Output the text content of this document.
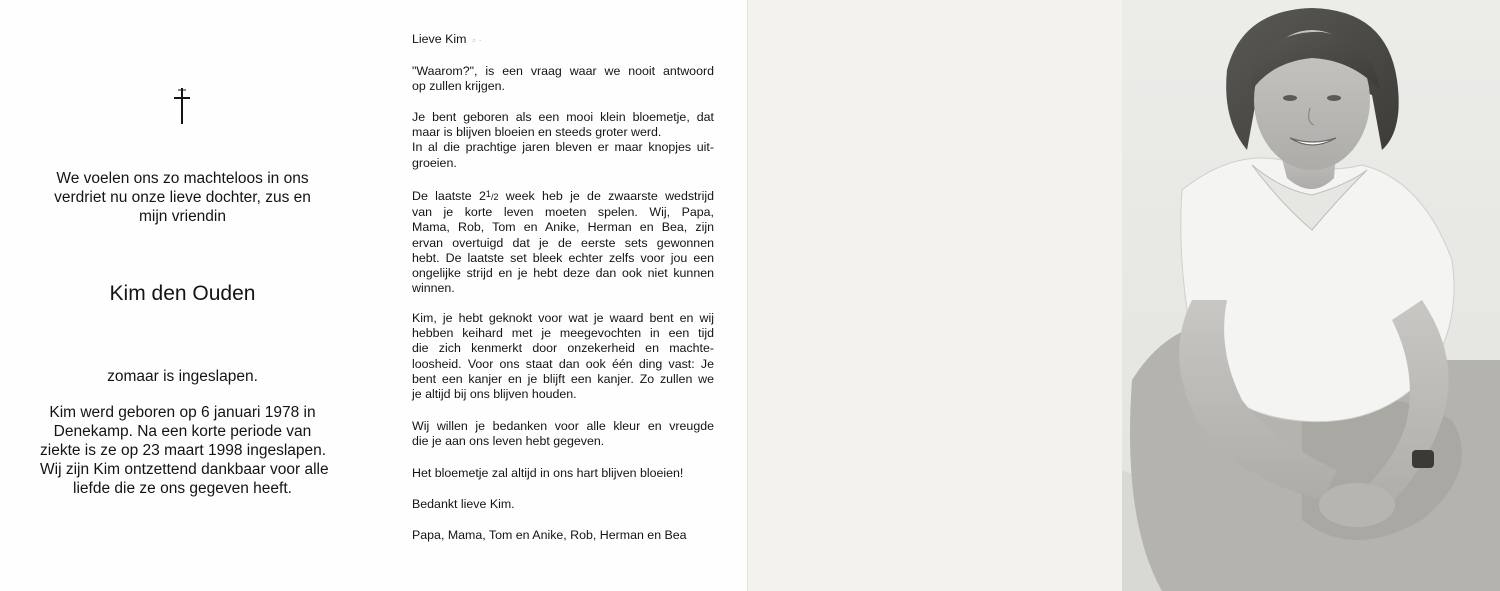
We voelen ons zo machteloos in ons
verdriet nu onze lieve dochter, zus en
mijn vriendin
Kim den Ouden
zomaar is ingeslapen.
Kim werd geboren op 6 januari 1978 in
Denekamp. Na een korte periode van
ziekte is ze op 23 maart 1998 ingeslapen.
Wij zijn Kim ontzettend dankbaar voor alle
liefde die ze ons gegeven heeft.
Lieve Kim ⸗ ·
"Waarom?", is een vraag waar we nooit antwoord
op zullen krijgen.
Je bent geboren als een mooi klein bloemetje, dat
maar is blijven bloeien en steeds groter werd.
In al die prachtige jaren bleven er maar knopjes uit-
groeien.
De laatste $2^1/2$ week heb je de zwaarste wedstrijd
van je korte leven moeten spelen. Wij, Papa,
Mama, Rob, Tom en Anike, Herman en Bea, zijn
ervan overtuigd dat je de eerste sets gewonnen
hebt. De laatste set bleek echter zelfs voor jou een
ongelijke strijd en je hebt deze dan ook niet kunnen
winnen.
Kim, je hebt geknokt voor wat je waard bent en wij
hebben keihard met je meegevochten in een tijd
die zich kenmerkt door onzekerheid en machte-
loosheid. Voor ons staat dan ook één ding vast: Je
bent een kanjer en je blijft een kanjer. Zo zullen we
je altijd bij ons blijven houden.
Wij willen je bedanken voor alle kleur en vreugde
die je aan ons leven hebt gegeven.
Het bloemetje zal altijd in ons hart blijven bloeien!
Bedankt lieve Kim.
Papa, Mama, Tom en Anike, Rob, Herman en Bea
